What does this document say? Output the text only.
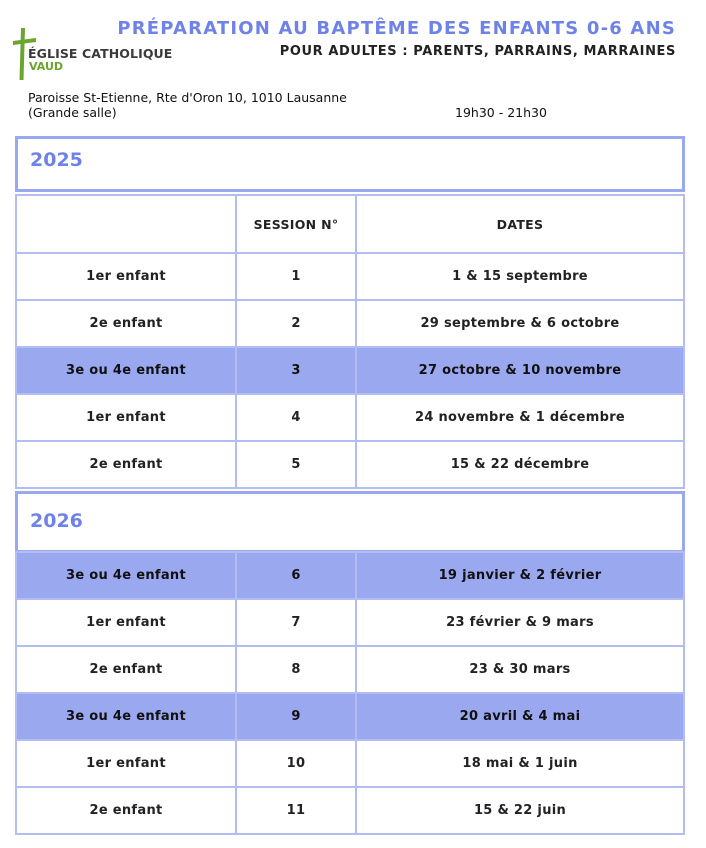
ÉGLISE CATHOLIQUE
VAUD
PRÉPARATION AU BAPTÊME DES ENFANTS 0-6 ANS
POUR ADULTES : PARENTS, PARRAINS, MARRAINES
Paroisse St-Etienne, Rte d'Oron 10, 1010 Lausanne
(Grande salle)	19h30 - 21h30
2025
	SESSION N°	DATES
1er enfant	1	1 & 15 septembre
2e enfant	2	29 septembre & 6 octobre
3e ou 4e enfant	3	27 octobre & 10 novembre
1er enfant	4	24 novembre & 1 décembre
2e enfant	5	15 & 22 décembre
2026
3e ou 4e enfant	6	19 janvier & 2 février
1er enfant	7	23 février & 9 mars
2e enfant	8	23 & 30 mars
3e ou 4e enfant	9	20 avril & 4 mai
1er enfant	10	18 mai & 1 juin
2e enfant	11	15 & 22 juin
